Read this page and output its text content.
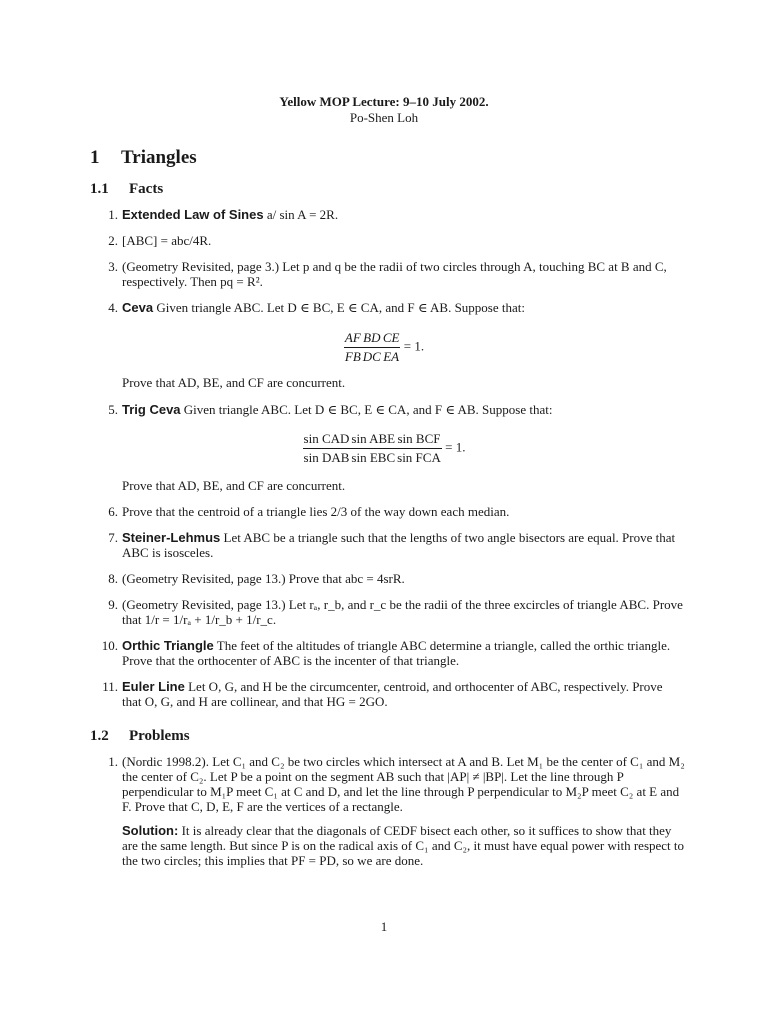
Yellow MOP Lecture: 9–10 July 2002.
Po-Shen Loh
1 Triangles
1.1 Facts
1. Extended Law of Sines a/ sin A = 2R.
2. [ABC] = abc/4R.
3. (Geometry Revisited, page 3.) Let p and q be the radii of two circles through A, touching BC at B and C, respectively. Then pq = R².
4. Ceva Given triangle ABC. Let D ∈ BC, E ∈ CA, and F ∈ AB. Suppose that:
$\frac{AF}{FB} \frac{BD}{DC} \frac{CE}{EA} = 1$.
Prove that AD, BE, and CF are concurrent.
5. Trig Ceva Given triangle ABC. Let D ∈ BC, E ∈ CA, and F ∈ AB. Suppose that:
$\frac{\text{sin CAD}}{\text{sin DAB}} \frac{\text{sin ABE}}{\text{sin EBC}} \frac{\text{sin BCF}}{\text{sin FCA}} = 1$.
Prove that AD, BE, and CF are concurrent.
6. Prove that the centroid of a triangle lies 2/3 of the way down each median.
7. Steiner-Lehmus Let ABC be a triangle such that the lengths of two angle bisectors are equal. Prove that ABC is isosceles.
8. (Geometry Revisited, page 13.) Prove that abc = 4srR.
9. (Geometry Revisited, page 13.) Let rₐ, r_b, and r_c be the radii of the three excircles of triangle ABC. Prove that 1/r = 1/rₐ + 1/r_b + 1/r_c.
10. Orthic Triangle The feet of the altitudes of triangle ABC determine a triangle, called the orthic triangle. Prove that the orthocenter of ABC is the incenter of that triangle.
11. Euler Line Let O, G, and H be the circumcenter, centroid, and orthocenter of ABC, respectively. Prove that O, G, and H are collinear, and that HG = 2GO.
1.2 Problems
1. (Nordic 1998.2). Let C₁ and C₂ be two circles which intersect at A and B. Let M₁ be the center of C₁ and M₂ the center of C₂. Let P be a point on the segment AB such that |AP| ≠ |BP|. Let the line through P perpendicular to M₁P meet C₁ at C and D, and let the line through P perpendicular to M₂P meet C₂ at E and F. Prove that C, D, E, F are the vertices of a rectangle.
Solution: It is already clear that the diagonals of CEDF bisect each other, so it suffices to show that they are the same length. But since P is on the radical axis of C₁ and C₂, it must have equal power with respect to the two circles; this implies that PF = PD, so we are done.
1
